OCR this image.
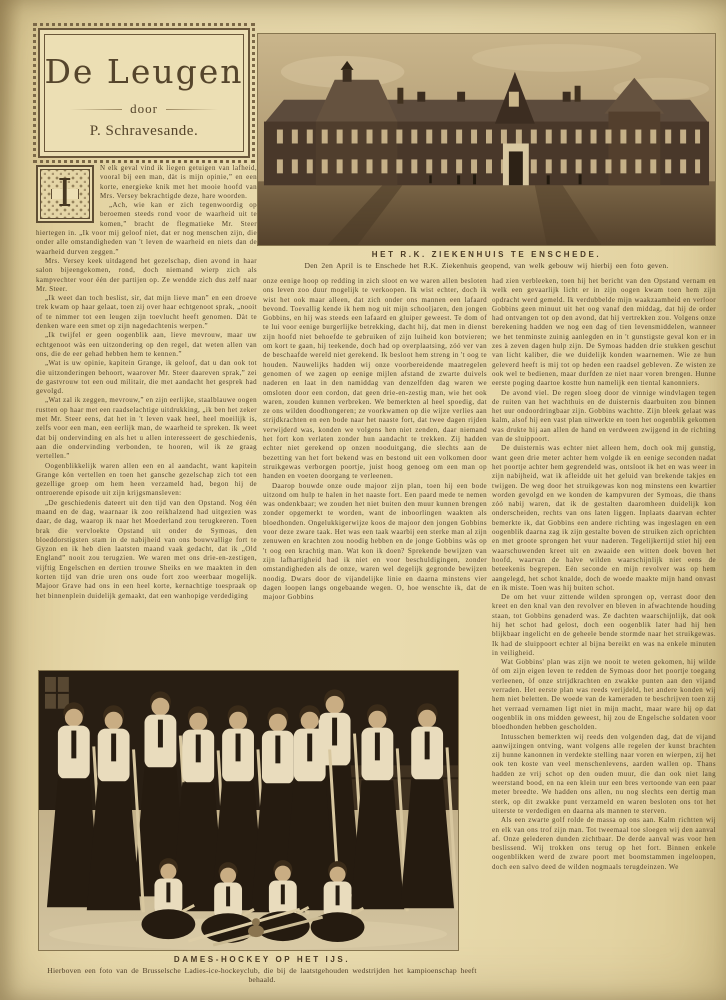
De Leugen
door
P. Schravesande.
HET R.K. ZIEKENHUIS TE ENSCHEDE.
Den 2en April is te Enschede het R.K. Ziekenhuis geopend, van welk gebouw wij hierbij een foto geven.

I
N elk geval vind ik liegen getuigen van lafheid, vooral bij een man, dàt is mijn opinie,” en een korte, energieke knik met het mooie hoofd van Mrs. Versey bekrachtigde deze, hare woorden.

„Ach, wie kan er zich tegenwoordig op beroemen steeds rond voor de waarheid uit te komen,” bracht de flegmatieke Mr. Steer hiertegen in. „Ik voor mij geloof niet, dat er nog menschen zijn, die onder alle omstandigheden van 't leven de waarheid en niets dan de waarheid durven zeggen.”

Mrs. Versey keek uitdagend het gezelschap, dien avond in haar salon bijeengekomen, rond, doch niemand wierp zich als kampvechter voor één der partijen op. Ze wendde zich dus zelf naar Mr. Steer.

„Ik weet dan toch beslist, sir, dat mijn lieve man” en een droeve trek kwam op haar gelaat, toen zij over haar echtgenoot sprak, „nooit of te nimmer tot een leugen zijn toevlucht heeft genomen. Dàt te denken ware een smet op zijn nagedachtenis werpen.”

„Ik twijfel er geen oogenblik aan, lieve mevrouw, maar uw echtgenoot wàs een uitzondering op den regel, dat weten allen van ons, die de eer gehad hebben hem te kennen.”

„Wat is uw opinie, kapitein Grange, ik geloof, dat u dan ook tot die uitzonderingen behoort, waarover Mr. Steer daareven sprak,” zei de gastvrouw tot een oud militair, die met aandacht het gesprek had gevolgd.

„Wat zal ik zeggen, mevrouw,” en zijn eerlijke, staalblauwe oogen rustten op haar met een raadselachtige uitdrukking, „ik ben het zeker met Mr. Steer eens, dat het in 't leven vaak heel, heel moeilijk is, zelfs voor een man, een eerlijk man, de waarheid te spreken. Ik weet dat bij ondervinding en als het u allen interesseert de geschiedenis, aan die ondervinding verbonden, te hooren, wil ik ze graag vertellen.”

Oogenblikkelijk waren allen een en al aandacht, want kapitein Grange kón vertellen en toen het gansche gezelschap zich tot een gezellige groep om hem heen verzameld had, begon hij de ontroerende episode uit zijn krijgsmansleven:

„De geschiedenis dateert uit den tijd van den Opstand. Nog één maand en de dag, waarnaar ik zoo reikhalzend had uitgezien was daar, de dag, waarop ik naar het Moederland zou terugkeeren. Toen brak die vervloekte Opstand uit onder de Symoas, den bloeddorstigsten stam in de nabijheid van ons bouwvallige fort te Gyzon en ik heb dien laatsten maand vaak gedacht, dat ik „Old England” nooit zou terugzien. We waren met ons drie-en-zestigen, vijftig Engelschen en dertien trouwe Sheiks en we maakten in den korten tijd van drie uren ons oude fort zoo weerbaar mogelijk. Majoor Grave had ons in een heel korte, kernachtige toespraak op het binnenplein duidelijk gemaakt, dat een wanhopige verdediging

onze eenige hoop op redding in zich sloot en we waren allen besloten ons leven zoo duur mogelijk te verkoopen. Ik wist echter, doch ik wist het ook maar alleen, dat zich onder ons mannen een lafaard bevond. Toevallig kende ik hem nog uit mijn schooljaren, den jongen Gobbins, en hij was steeds een lafaard en gluiper geweest. Te dom of te lui voor eenige burgerlijke betrekking, dacht hij, dat men in dienst zijn hoofd niet behoefde te gebruiken of zijn luiheid kon botvieren; om kort te gaan, hij teekende, doch had op overplaatsing, zóó ver van de beschaafde wereld niet gerekend. Ik besloot hem streng in 't oog te houden. Nauwelijks hadden wij onze voorbereidende maatregelen genomen of we zagen op eenige mijlen afstand de zwarte duivels naderen en laat in den namiddag van denzelfden dag waren we omsloten door een cordon, dat geen drie-en-zestig man, wie het ook waren, zouden kunnen verbreken. We bemerkten al heel spoedig, dat ze ons wilden doodhongeren; ze voorkwamen op die wijze verlies aan strijdkrachten en een bode naar het naaste fort, dat twee dagen rijden verwijderd was, konden we volgens hen niet zenden, daar niemand het fort kon verlaten zonder hun aandacht te trekken. Zij hadden echter niet gerekend op onzen nooduitgang, die slechts aan de bezetting van het fort bekend was en bestond uit een volkomen door struikgewas verborgen poortje, juist hoog genoeg om een man op handen en voeten doorgang te verleenen.

Daarop bouwde onze oude majoor zijn plan, toen hij een bode uitzond om hulp te halen in het naaste fort. Een paard mede te nemen was ondenkbaar; we zouden het niet buiten den muur kunnen brengen zonder opgemerkt te worden, want de inboorlingen waakten als bloedhonden. Ongelukkigerwijze koos de majoor den jongen Gobbins voor deze zware taak. Het was een taak waarbij een sterke man al zijn zenuwen en krachten zou noodig hebben en de jonge Gobbins wàs op 't oog een krachtig man. Wat kon ik doen? Sprekende bewijzen van zijn lafhartigheid had ik niet en voor beschuldigingen, zonder omstandigheden als de onze, waren wel degelijk gegronde bewijzen noodig. Dwars door de vijandelijke linie en daarna minstens vier dagen loopen langs ongebaande wegen. O, hoe wenschte ik, dat de majoor Gobbins

had zien verbleeken, toen hij het bericht van den Opstand vernam en welk een gevaarlijk licht er in zijn oogen kwam toen hem zijn opdracht werd gemeld. Ik verdubbelde mijn waakzaamheid en verloor Gobbins geen minuut uit het oog vanaf den middag, dat hij de order had ontvangen tot op den avond, dat hij vertrekken zou. Volgens onze berekening hadden we nog een dag of tien levensmiddelen, wanneer we het tenminste zuinig aanlegden en in 't gunstigste geval kon er in zes à zeven dagen hulp zijn. De Symoas hadden drie stukken geschut van licht kaliber, die we duidelijk konden waarnemen. Wie ze hun geleverd heeft is mij tot op heden een raadsel gebleven. Ze wisten ze ook wel te bedienen, maar durfden ze niet naar voren brengen. Hunne eerste poging daartoe kostte hun namelijk een tiental kanonniers.

De avond viel. De regen sloeg door de vinnige windvlagen tegen de ruiten van het wachthuis en de duisternis daarbuiten zou binnen het uur ondoordringbaar zijn. Gobbins wachtte. Zijn bleek gelaat was kalm, alsof hij een vast plan uitwerkte en toen het oogenblik gekomen was drukte hij aan allen de hand en verdween zwijgend in de richting van de sluippoort.

De duisternis was echter niet alleen hem, doch ook mij gunstig, want geen drie meter achter hem volgde ik en eenige seconden nadat het poortje achter hem gegrendeld was, ontsloot ik het en was weer in zijn nabijheid, wat ik afleidde uit het geluid van brekende takjes en twijgen. De weg door het struikgewas kon nog minstens een kwartier worden gevolgd en we konden de kampvuren der Symoas, die thans zóó nabij waren, dat ik de gestalten daaromheen duidelijk kon onderscheiden, rechts van ons laten liggen. Inplaats daarvan echter bemerkte ik, dat Gobbins een andere richting was ingeslagen en een oogenblik daarna zag ik zijn gestalte boven de struiken zich oprichten en met groote sprongen het vuur naderen. Tegelijkertijd stiet hij een waarschuwenden kreet uit en zwaaide een witten doek boven het hoofd, waarvan de halve wilden waarschijnlijk niet eens de beteekenis begrepen. Eén seconde en mijn revolver was op hem aangelegd, het schot knalde, doch de woede maakte mijn hand onvast en ik miste. Toen was hij buiten schot.

De om het vuur zittende wilden sprongen op, verrast door den kreet en den knal van den revolver en bleven in afwachtende houding staan, tot Gobbins genaderd was. Ze dachten waarschijnlijk, dat ook hij het schot had gelost, doch een oogenblik later had hij hen blijkbaar ingelicht en de geheele bende stormde naar het struikgewas. Ik had de sluippoort echter al bijna bereikt en was na enkele minuten in veiligheid.

Wat Gobbins' plan was zijn we nooit te weten gekomen, hij wilde òf om zijn eigen leven te redden de Symoas door het poortje toegang verleenen, òf onze strijdkrachten en zwakke punten aan den vijand verraden. Het eerste plan was reeds verijdeld, het andere konden wij hem niet beletten. De woede van de kameraden te beschrijven toen zij het verraad vernamen ligt niet in mijn macht, maar ware hij op dat oogenblik in ons midden geweest, hij zou de Engelsche soldaten voor bloedhonden hebben gescholden.

Intusschen bemerkten wij reeds den volgenden dag, dat de vijand aanwijzingen ontving, want volgens alle regelen der kunst brachten zij hunne kanonnen in verdekte stelling naar voren en wierpen, zij het ook ten koste van veel menschenlevens, aarden wallen op. Thans hadden ze vrij schot op den ouden muur, die dan ook niet lang weerstand bood, en na een klein uur een bres vertoonde van een paar meter breedte. We hadden ons allen, nu nog slechts een dertig man sterk, op dit zwakke punt verzameld en waren besloten ons tot het uiterste te verdedigen en daarna als mannen te sterven.

Als een zwarte golf rolde de massa op ons aan. Kalm richtten wij en elk van ons trof zijn man. Tot tweemaal toe sloegen wij den aanval af. Onze gelederen dunden zichtbaar. De derde aanval was voor hen beslissend. Wij trokken ons terug op het fort. Binnen enkele oogenblikken werd de zware poort met boomstammen ingeloopen, doch een salvo deed de wilden nogmaals terugdeinzen. We

DAMES-HOCKEY OP HET IJS.
Hierboven een foto van de Brusselsche Ladies-ice-hockeyclub, die bij de laatstgehouden wedstrijden het kampioenschap heeft behaald.
